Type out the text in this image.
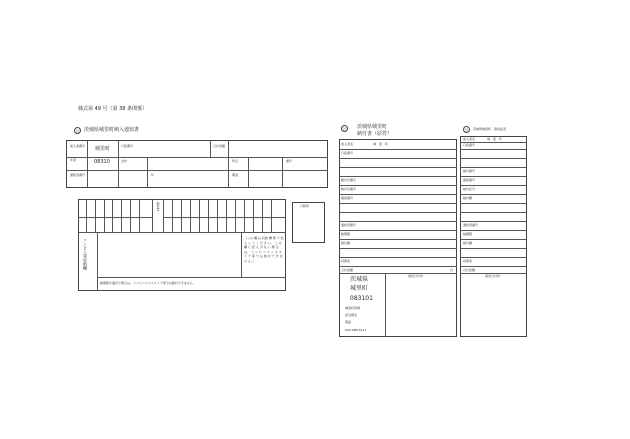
様式第 49 号（第 38 条関係）
公 茨城県城里町納入通知書
加入者番号 城里町	口座番号	合計金額
年度	08310	会計	科目	番号
通知書番号	年	期別
納付書
コンビニ等収納欄	（この 欄 は 収納 機 関 で 記 入 し て く だ さ い。 こ の 欄 に 記 入 が な い 場 合 は、 コ ン ビ ニ エ ン ス ス ト ア 等 で は 納 付 で き ま せ ん。）
納期限を過ぎた場合は、コンビニエンスストア等では納付できません。
日附印
公	茨城県城里町
納付書（原符）
加入者名	城　里　町
口座番号
納付目番号
納付目番号
確認番号
通知書番号
納期限
納付額
延滞金
合計金額	円
領収日付印
茨城県
城里町
083101
城里町役場
担当課名
電話
029-288-3111
公	茨城県城里町　領収証書
加入者名	城　里　町
口座番号
納付番号
確認番号
納付区分
納付額
通知書番号
納期限
納付額
延滞金
合計金額
領収日付印
